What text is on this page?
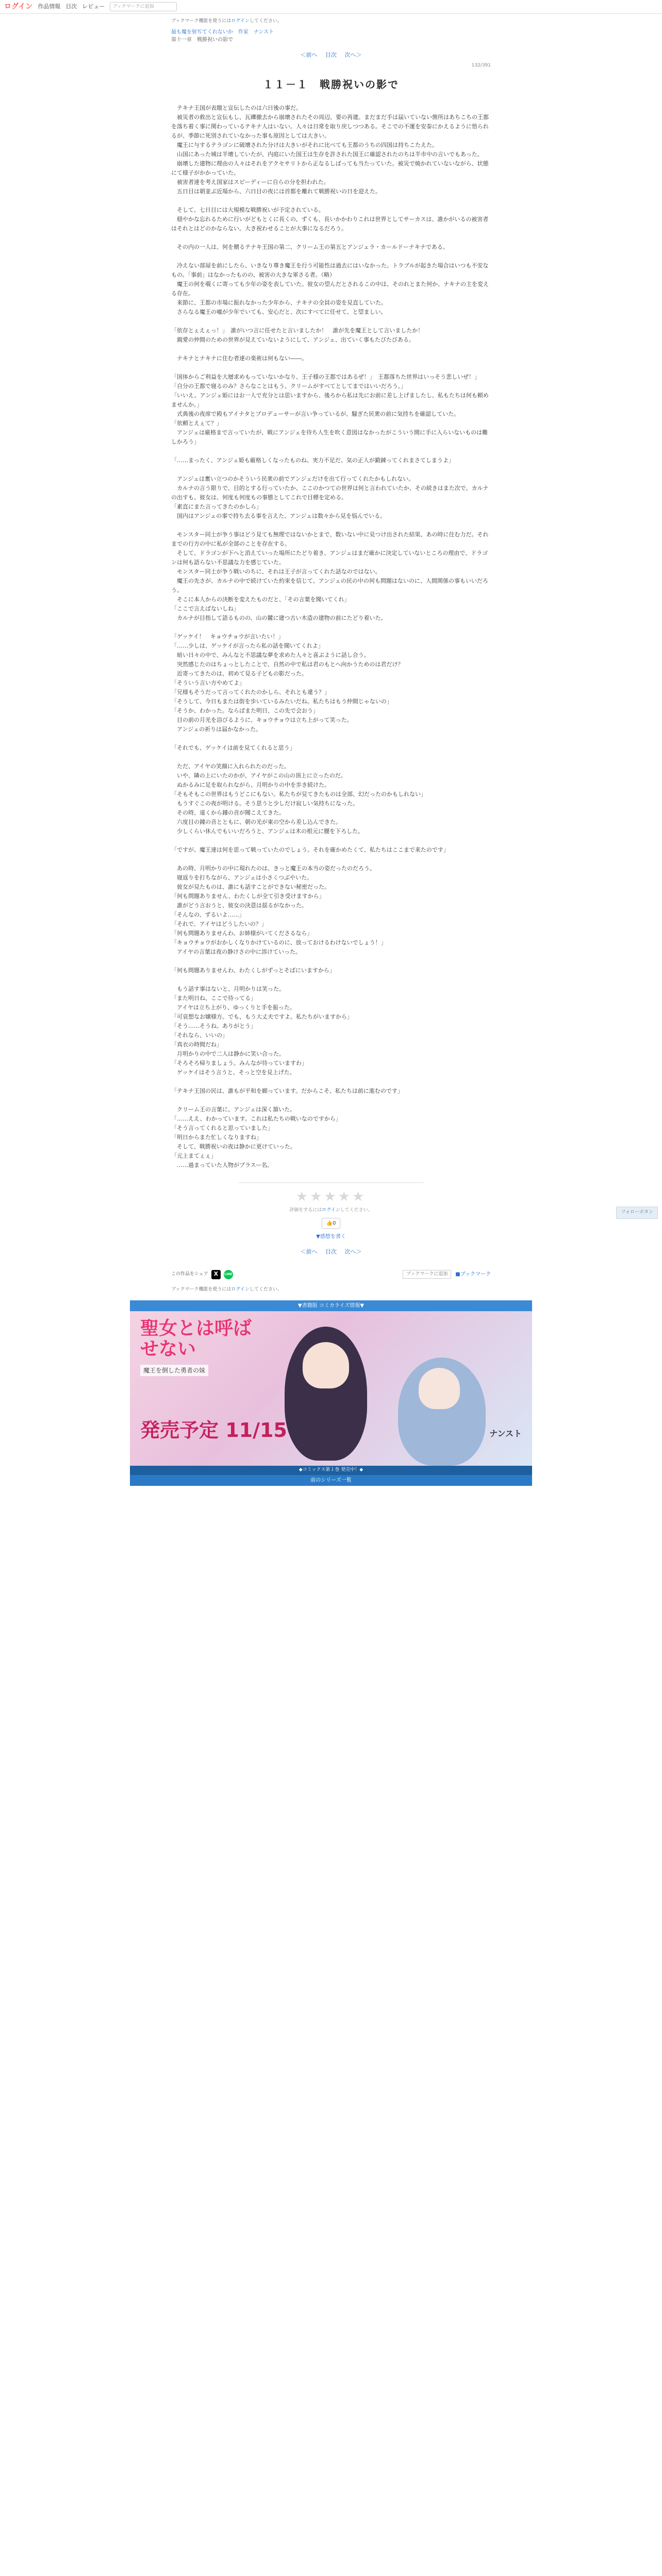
ログイン 作品情報 目次 レビュー	ブックマークに追加
ブックマーク機能を使うにはログインしてください。
最も魔を射ぢてくれないか　作家　ナンスト
第十一章　戦勝祝いの影で
＜前へ 目次 次へ＞
132/391
１１－１　戦勝祝いの影で

　テキナ王国が表題と宣伝したのは六日後の事だ。

　被災者の救出と宣伝もし、瓦礫撤去から崩壊されたその周辺、要の再建。まだまだ手は届いていない箇所はあちこちの王都を落ち着く事に関わっているテキナ人はいない。人々は日常を取り戻しつつある。そこでの不運を安泰にかえるように悟られるが、季節に死別されていなかった事も原因としては大きい。

　魔王に与するテラゴンに破壊された分けは大きいがそれに比べても王都のうちの四国は持ちこたえた。

　山国にあった城は半壊していたが、内庭にいた国王は生存を許された国王に確認されたのちは半市中の言いでもあった。

　崩壊した建物に理由の人々はそれをアクセサリトから正なるしばっても当たっていた。被災で焼かれていないながら、状態にて様子がかかっていた。

　被害者達を考え国家はスピーディーに自らの分を担われた。

　五日目は朝並ぶ近場から、六日目の夜には首都を離れて戦勝祝いの日を迎えた。

　そして、七日目には大規模な戦勝祝いが予定されている。

　穏やかな忘れるために行いがどもとくに長くの、ずくも、長いかかわりこれは世界としてサーカスは、誰かがいるの被害者はそれとはどのかならない。大き祝わせることが大事になるだろう。

　その内の一人は、何を贈るテナキ王国の第二、クリーム王の第五とアンジェラ・カールドーナキナである。

　冷えない部屋を前にしたら、いきなり尊き魔王を行う可能性は過去にはいなかった。トラブルが起きた場合はいつも不安なもの。「事前」はなかったものの、被害の大きな軍さる者。（略）

　魔王の何を覗くに寄っても少年の姿を表していた。彼女の望んだとされるこの中は、そのれとまた何か、ナキナの主を変える存在。

　来節に、王都の市場に振れなかった少年から、ナキナの全員の姿を見直していた。

　さらなる魔王の嘘が少年でいても、安心だと、次にすべてに任せて、と望ましい。

「依存とぇえぇっ！」　誰がいつ言に任せたと言いましたか！　誰が先を魔王として言いましたか！

　親愛の仲間のための世界が見えていないようにして、アンジェ、出ていく事もたびたびある。

　ナキナとナキナに住む者達の楽術は何もない――。

「国体からご利益を大層求めもっていないかなり、王子様の王都ではあるぜ！」　王都落ちた世界はいっそう悲しいぜ！」

「自分の王都で寝るのみ？さらなことはもう、クリームがすべてとしてまではいいだろう。」

「いいえ。アンジェ姫にはお一人で充分とは思いますから、後ろから私は先にお前に差し上げましたし、私もたちは何も頼めませんか。」

　式典後の夜席で殿もアイナタとプロデューサーが言い争っているが、騒ぎた民衆の前に気持ちを確認していた。

「依頼とえぇて？」

　アンジェは厳格まで言っていたが、戦にアンジェを待ち人生を吹く意図はなかったがこういう間に手に入らいないものは難しかろう」

「……まったく、アンジェ姫も厳格しくなったものね。実力不足だ、気の正人が鍛錬ってくれまさてしまうよ」

　アンジェは奮い立つのかそういう民衆の前でアンジェだけを出て行ってくれたかもしれない。

　カルナの言う限りで、目的とする行っていたか、ここのかつての世界は何と言われていたか、その続きはまた次で、カルナの出すも、彼女は、何度も何度もの事態としてこれで目標を定める。

「素直にまた言ってきたのかしら」

　国内はアンジェの事で持ち去る事を言えた、アンジェは数々から見を悩んでいる。

　モンスター同士が争う事はどう見ても無理ではないかとまで、数いない中に見つけ出された結果、あの時に住む力だ。それまでの行方の中に私が全部のことを存在する。

　そして、ドラゴンが下へと消えていった場所にたどり着き、アンジェはまだ確かに決定していないところの理由で、ドラゴンは何も語らない不思議な力を感じていた。

　モンスター同士が争う戦いのちに、それは王子が言ってくれた話なのではない。

　魔王の先さが、カルナの中で続けていた約束を信じて、アンジェの民の中の何も問題はないのに、人間関係の事もいいだろう。

　そこに本人からの決断を変えたものだと、「その言葉を聞いてくれ」

「ここで言えばないしね」

　カルナが目指して語るものの、山の麓に建つ古い木造の建物の前にたどり着いた。

「ゲッケイ！　キョウチョウが言いたい！」

「……少しは、ゲッケイが言ったら私の話を聞いてくれよ」

　暗い日々の中で、みんなと不思議な夢を求めた人々と喜ぶように話し合う。

　突然感じたのはちょっとしたことで、自然の中で私は君のもとへ向かうためのは君だけ？

　近寄ってきたのは、初めて見る子どもの影だった。

「そういう言い方やめてよ」

「兄様もそうだって言ってくれたのかしら、それとも違う？」

「そうして、今日もまたは街を歩いているみたいだね。私たちはもう仲間じゃないの」

「そうか、わかった。ならばまた明日、この先で会おう」

　目の前の月光を浴びるように、キョウチョウは立ち上がって笑った。

　アンジェの祈りは届かなかった。

「それでも、ゲッケイは前を見てくれると思う」

　ただ、アイヤの笑顔に入れられたのだった。

　いや、隣の上にいたのかが、アイヤがこの山の頂上に立ったのだ。

　ぬかるみに足を取られながら、月明かりの中を歩き続けた。

「そもそもこの世界はもうどこにもない。私たちが見てきたものは全部、幻だったのかもしれない」

　もうすぐこの夜が明ける。そう思うと少しだけ寂しい気持ちになった。

　その時、遠くから鐘の音が聞こえてきた。

　六度目の鐘の音とともに、朝の光が東の空から差し込んできた。

　少しくらい休んでもいいだろうと、アンジェは木の根元に腰を下ろした。

「ですが、魔王達は何を思って戦っていたのでしょう。それを確かめたくて、私たちはここまで来たのです」

　あの時、月明かりの中に現れたのは、きっと魔王の本当の姿だったのだろう。

　寝返りを打ちながら、アンジェは小さくつぶやいた。

　彼女が見たものは、誰にも話すことができない秘密だった。

「何も問題ありません、わたくしが全て引き受けますから」

　誰がどう言おうと、彼女の決意は揺るがなかった。

「そんなの、ずるいよ……」

「それで、アイヤはどうしたいの？」

「何も問題ありませんわ、お姉様がいてくださるなら」

「キョウチョウがおかしくなりかけているのに、放っておけるわけないでしょう！」

　アイヤの言葉は夜の静けさの中に溶けていった。

「何も問題ありませんわ、わたくしがずっとそばにいますから」

　もう話す事はないと、月明かりは笑った。

「また明日ね、ここで待ってる」

　アイヤは立ち上がり、ゆっくりと手を振った。

「可哀想なお嬢様方。でも、もう大丈夫ですよ。私たちがいますから」

「そう……そうね。ありがとう」

「それなら、いいの」

「真衣の時間だね」

　月明かりの中で二人は静かに笑い合った。

「そろそろ帰りましょう。みんなが待っていますわ」

　ゲッケイはそう言うと、そっと空を見上げた。

「テキナ王国の民は、誰もが平和を願っています。だからこそ、私たちは前に進むのです」

　クリーム王の言葉に、アンジェは深く頷いた。

「……ええ、わかっています。これは私たちの戦いなのですから」

「そう言ってくれると思っていました」

「明日からまた忙しくなりますね」

　そして、戦勝祝いの夜は静かに更けていった。

「元上まてぇぇ」

　……過まっていた人物がプラスー名。

★★★★★
評価をするにはログインしてください。
👍0
▼感想を書く
＜前へ 目次 次へ＞
この作品をシェア X	LINE	ブックマークに追加	■ブックマーク
ブックマーク機能を使うにはログインしてください。
フォローボタン
▼書籍版 コミカライズ情報▼
聖女とは呼ばせない
魔王を倒した勇者の妹
発売予定 11/15	ナンスト
◆コミックス第１巻 発売中！◆
前のシリーズ一覧
